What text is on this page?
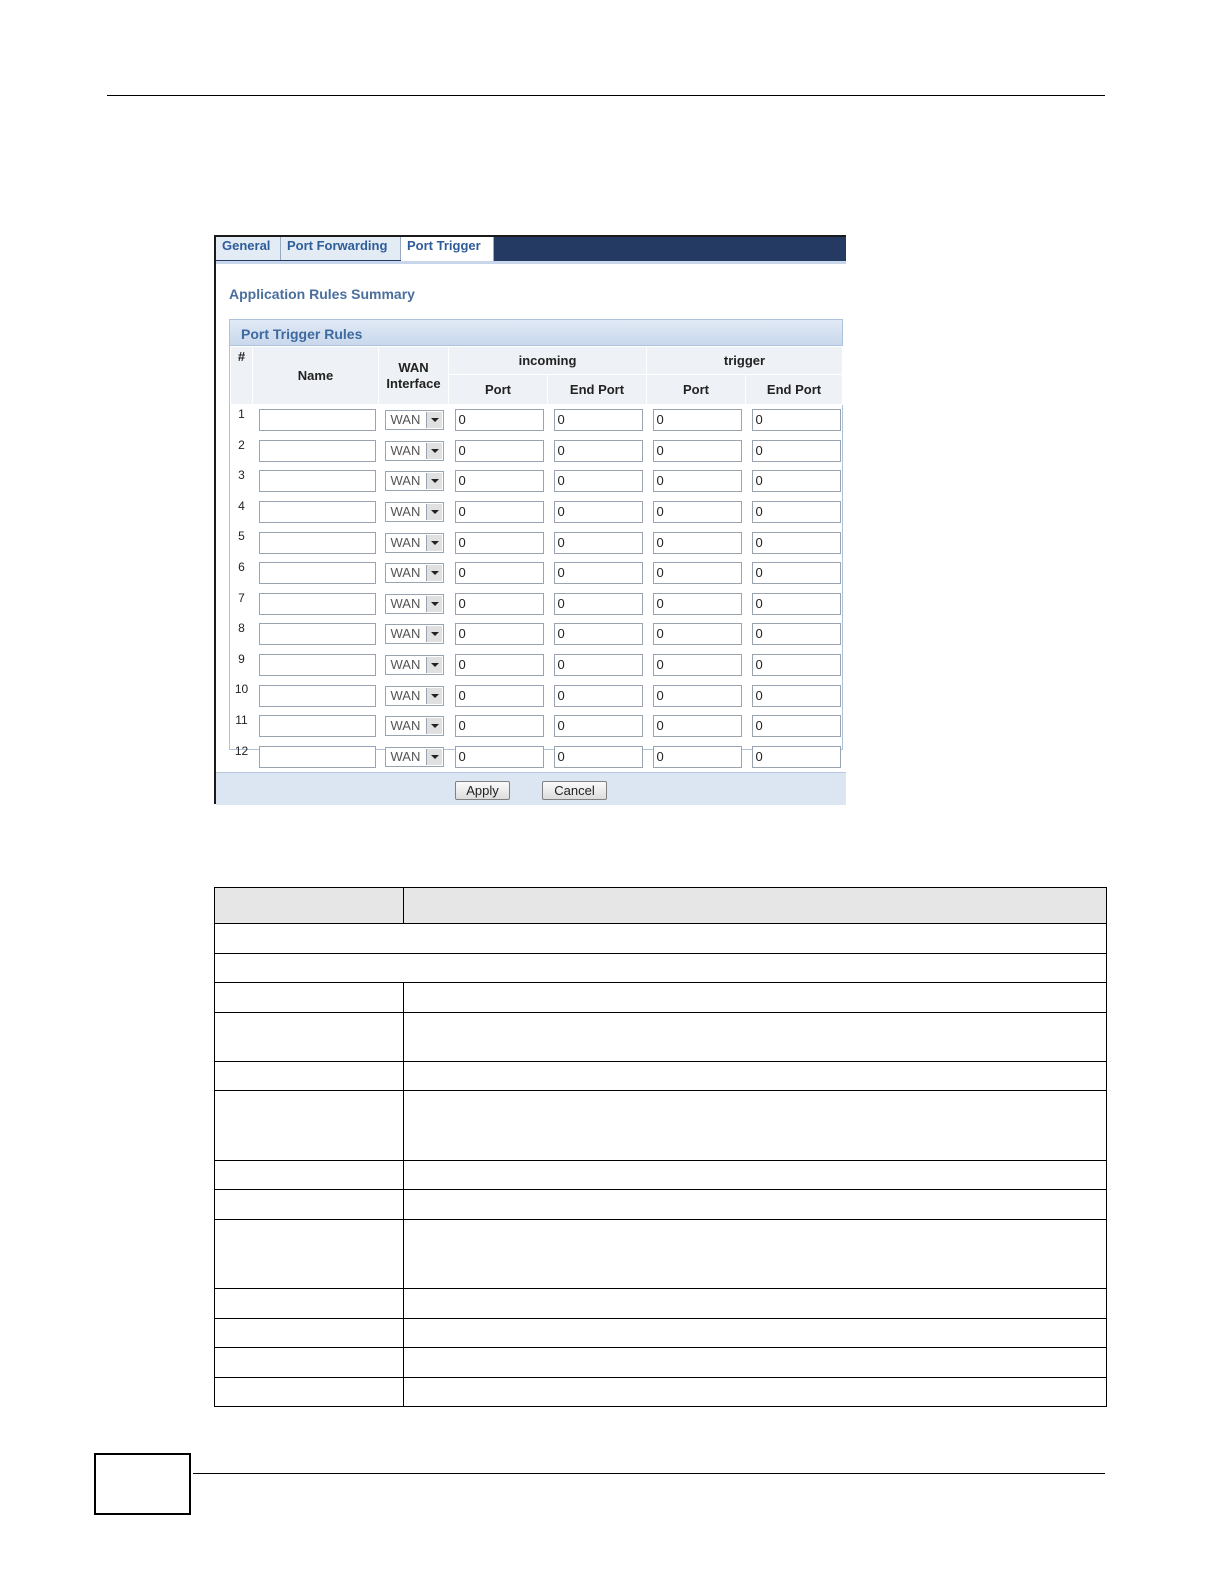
General	Port Forwarding	Port Trigger
Application Rules Summary
Port Trigger Rules
#	Name	WAN Interface	incoming		trigger	
			Port	End Port	Port	End Port
1		WAN	0	0	0	0

2		WAN	0	0	0	0

3		WAN	0	0	0	0

4		WAN	0	0	0	0

5		WAN	0	0	0	0

6		WAN	0	0	0	0

7		WAN	0	0	0	0

8		WAN	0	0	0	0

9		WAN	0	0	0	0

10		WAN	0	0	0	0

11		WAN	0	0	0	0

12		WAN	0	0	0	0
Apply	Cancel
